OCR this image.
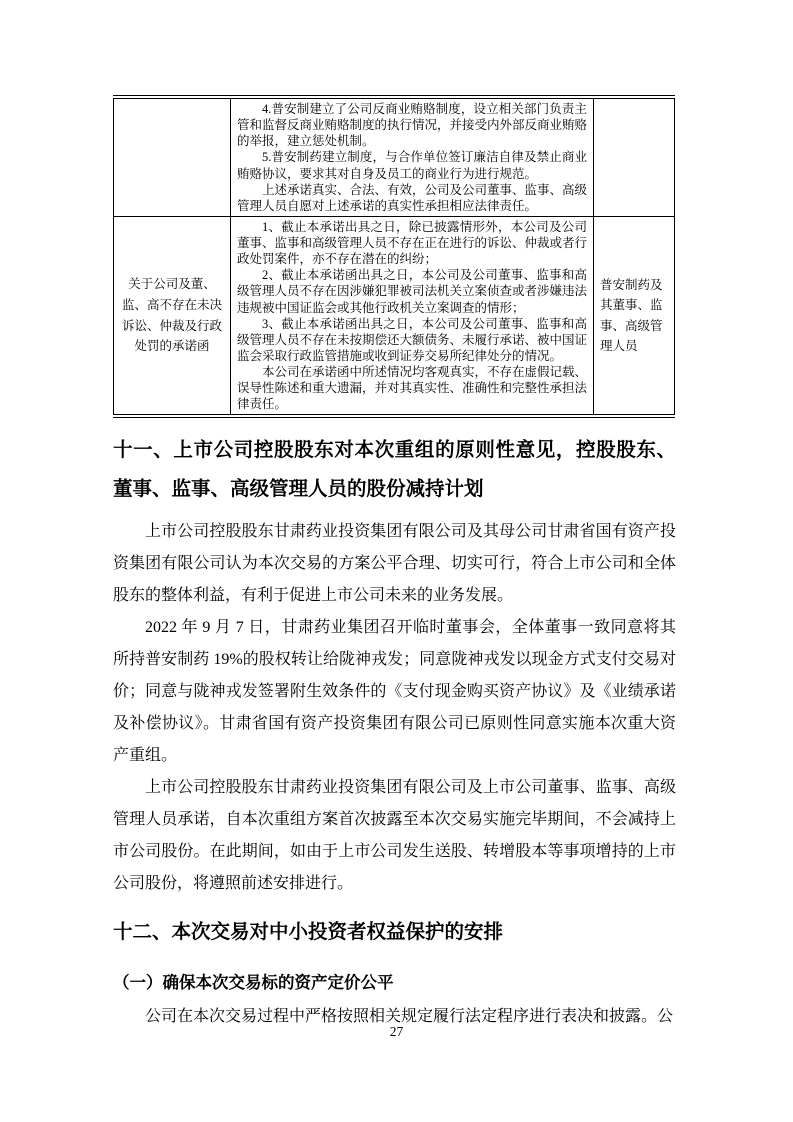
	4.普安制建立了公司反商业贿赂制度，设立相关部门负责主管和监督反商业贿赂制度的执行情况，并接受内外部反商业贿赂的举报，建立惩处机制。

5.普安制药建立制度，与合作单位签订廉洁自律及禁止商业贿赂协议，要求其对自身及员工的商业行为进行规范。

上述承诺真实、合法、有效，公司及公司董事、监事、高级管理人员自愿对上述承诺的真实性承担相应法律责任。	

关于公司及董、监、高不存在未决诉讼、仲裁及行政处罚的承诺函	1、截止本承诺出具之日，除已披露情形外，本公司及公司董事、监事和高级管理人员不存在正在进行的诉讼、仲裁或者行政处罚案件，亦不存在潜在的纠纷；

2、截止本承诺函出具之日，本公司及公司董事、监事和高级管理人员不存在因涉嫌犯罪被司法机关立案侦查或者涉嫌违法违规被中国证监会或其他行政机关立案调查的情形；

3、截止本承诺函出具之日，本公司及公司董事、监事和高级管理人员不存在未按期偿还大额债务、未履行承诺、被中国证监会采取行政监管措施或收到证券交易所纪律处分的情况。

本公司在承诺函中所述情况均客观真实，不存在虚假记载、误导性陈述和重大遗漏，并对其真实性、准确性和完整性承担法律责任。	普安制药及其董事、监事、高级管理人员
十一、上市公司控股股东对本次重组的原则性意见，控股股东、董事、监事、高级管理人员的股份减持计划

上市公司控股股东甘肃药业投资集团有限公司及其母公司甘肃省国有资产投资集团有限公司认为本次交易的方案公平合理、切实可行，符合上市公司和全体股东的整体利益，有利于促进上市公司未来的业务发展。

2022 年 9 月 7 日，甘肃药业集团召开临时董事会，全体董事一致同意将其所持普安制药 19%的股权转让给陇神戎发；同意陇神戎发以现金方式支付交易对价；同意与陇神戎发签署附生效条件的《支付现金购买资产协议》及《业绩承诺及补偿协议》。甘肃省国有资产投资集团有限公司已原则性同意实施本次重大资产重组。

上市公司控股股东甘肃药业投资集团有限公司及上市公司董事、监事、高级管理人员承诺，自本次重组方案首次披露至本次交易实施完毕期间，不会减持上市公司股份。在此期间，如由于上市公司发生送股、转增股本等事项增持的上市公司股份，将遵照前述安排进行。

十二、本次交易对中小投资者权益保护的安排
（一）确保本次交易标的资产定价公平

公司在本次交易过程中严格按照相关规定履行法定程序进行表决和披露。公

27
